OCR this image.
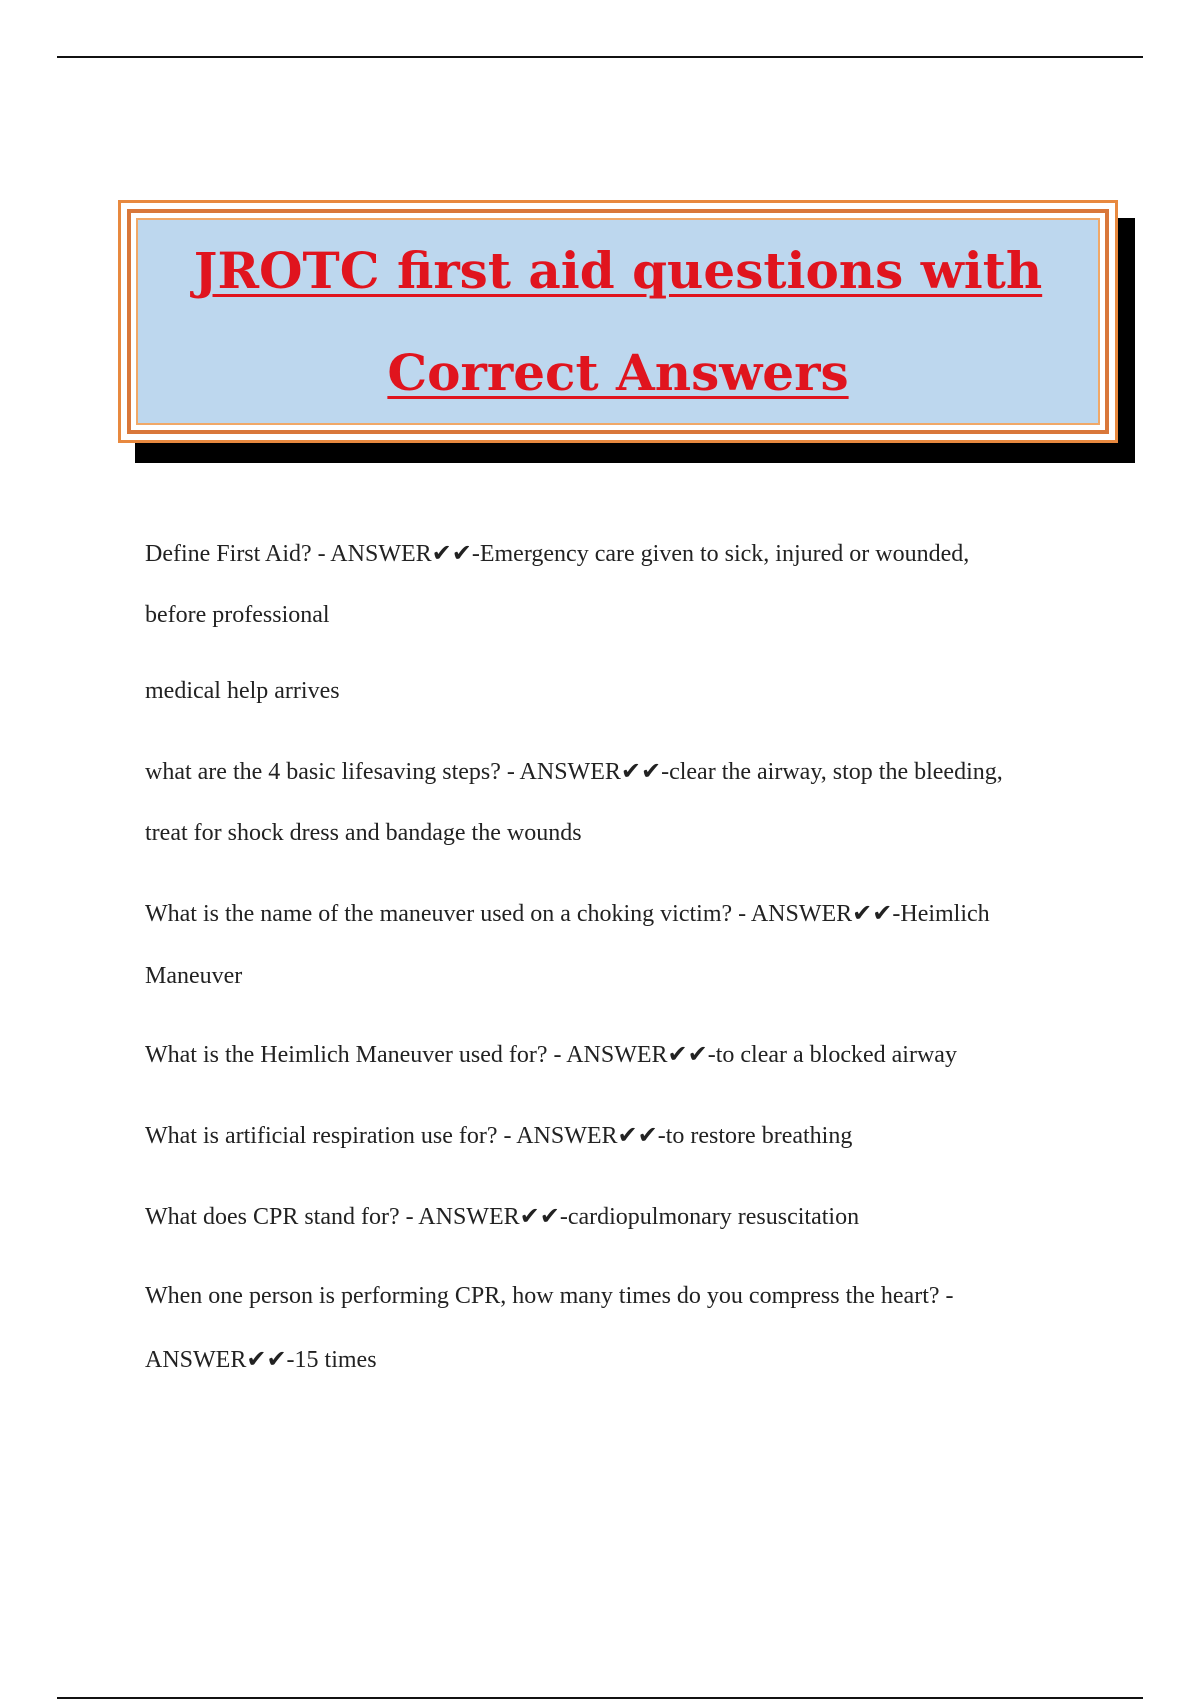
JROTC first aid questions with
Correct Answers
Define First Aid? - ANSWER✔✔-Emergency care given to sick, injured or wounded,
before professional
medical help arrives
what are the 4 basic lifesaving steps? - ANSWER✔✔-clear the airway, stop the bleeding,
treat for shock dress and bandage the wounds
What is the name of the maneuver used on a choking victim? - ANSWER✔✔-Heimlich
Maneuver
What is the Heimlich Maneuver used for? - ANSWER✔✔-to clear a blocked airway
What is artificial respiration use for? - ANSWER✔✔-to restore breathing
What does CPR stand for? - ANSWER✔✔-cardiopulmonary resuscitation
When one person is performing CPR, how many times do you compress the heart? -
ANSWER✔✔-15 times
